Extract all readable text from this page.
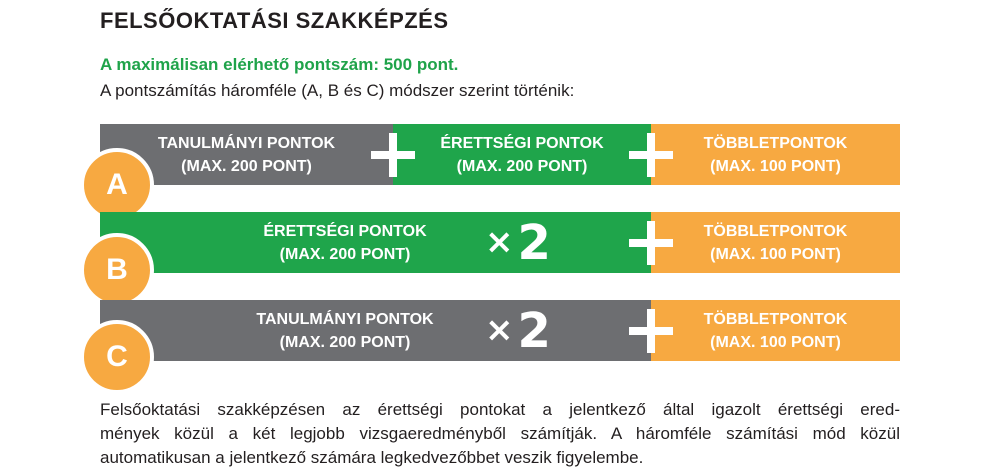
FELSŐOKTATÁSI SZAKKÉPZÉS
A maximálisan elérhető pontszám: 500 pont.
A pontszámítás háromféle (A, B és C) módszer szerint történik:
TANULMÁNYI PONTOK
(MAX. 200 PONT)
ÉRETTSÉGI PONTOK
(MAX. 200 PONT)
TÖBBLETPONTOK
(MAX. 100 PONT)
A
ÉRETTSÉGI PONTOK
(MAX. 200 PONT)
TÖBBLETPONTOK
(MAX. 100 PONT)
×2
B
TANULMÁNYI PONTOK
(MAX. 200 PONT)
TÖBBLETPONTOK
(MAX. 100 PONT)
×2
C
Felsőoktatási szakképzésen az érettségi pontokat a jelentkező által igazolt érettségi ered-
mények közül a két legjobb vizsgaeredményből számítják. A háromféle számítási mód közül
automatikusan a jelentkező számára legkedvezőbbet veszik figyelembe.
